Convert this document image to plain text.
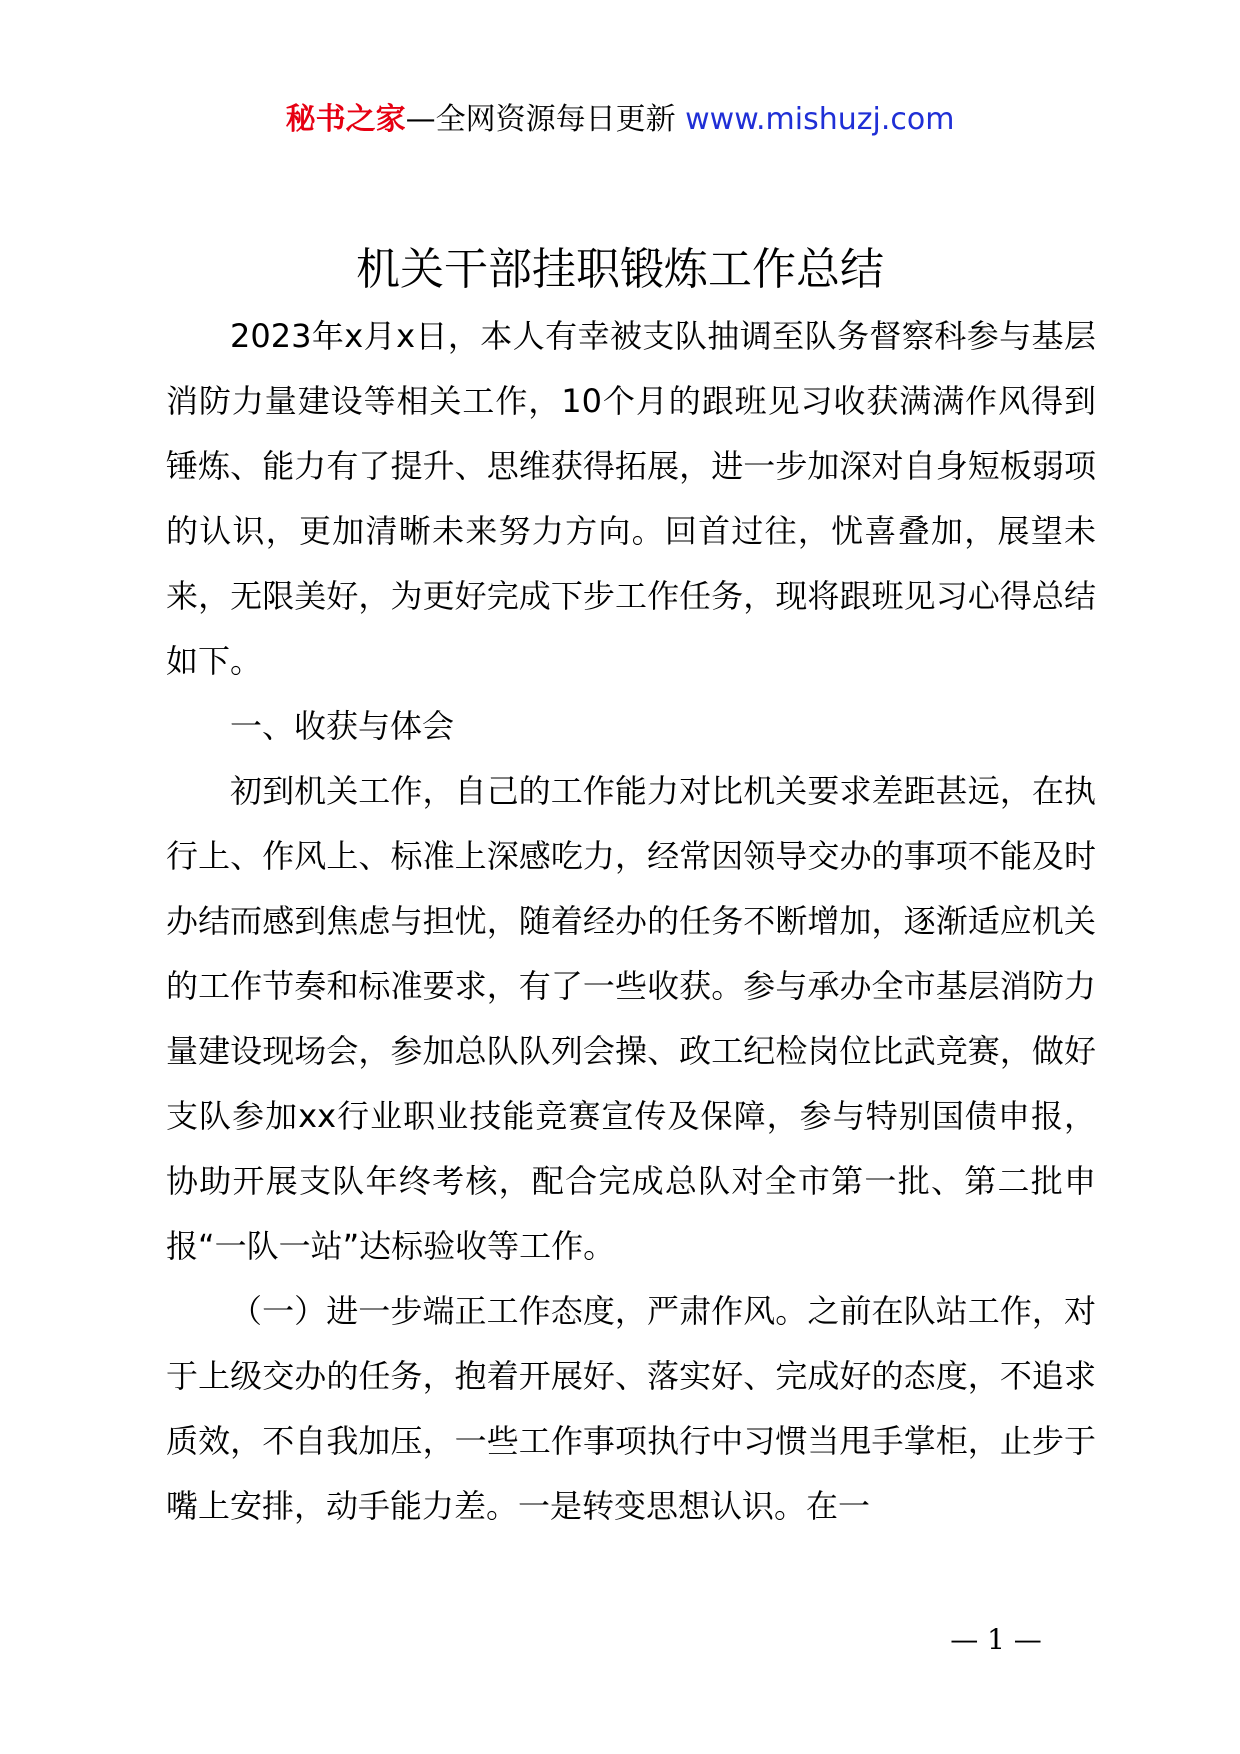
秘书之家—全网资源每日更新 www.mishuzj.com
机关干部挂职锻炼工作总结

2023年x月x日，本人有幸被支队抽调至队务督察科参与基层消防力量建设等相关工作，10个月的跟班见习收获满满作风得到锤炼、能力有了提升、思维获得拓展，进一步加深对自身短板弱项的认识，更加清晰未来努力方向。回首过往，忧喜叠加，展望未来，无限美好，为更好完成下步工作任务，现将跟班见习心得总结如下。

一、收获与体会

初到机关工作，自己的工作能力对比机关要求差距甚远，在执行上、作风上、标准上深感吃力，经常因领导交办的事项不能及时办结而感到焦虑与担忧，随着经办的任务不断增加，逐渐适应机关的工作节奏和标准要求，有了一些收获。参与承办全市基层消防力量建设现场会，参加总队队列会操、政工纪检岗位比武竞赛，做好支队参加xx行业职业技能竞赛宣传及保障，参与特别国债申报，协助开展支队年终考核，配合完成总队对全市第一批、第二批申报“一队一站”达标验收等工作。

（一）进一步端正工作态度，严肃作风。之前在队站工作，对于上级交办的任务，抱着开展好、落实好、完成好的态度，不追求质效，不自我加压，一些工作事项执行中习惯当甩手掌柜，止步于嘴上安排，动手能力差。一是转变思想认识。在一

— 1 —
